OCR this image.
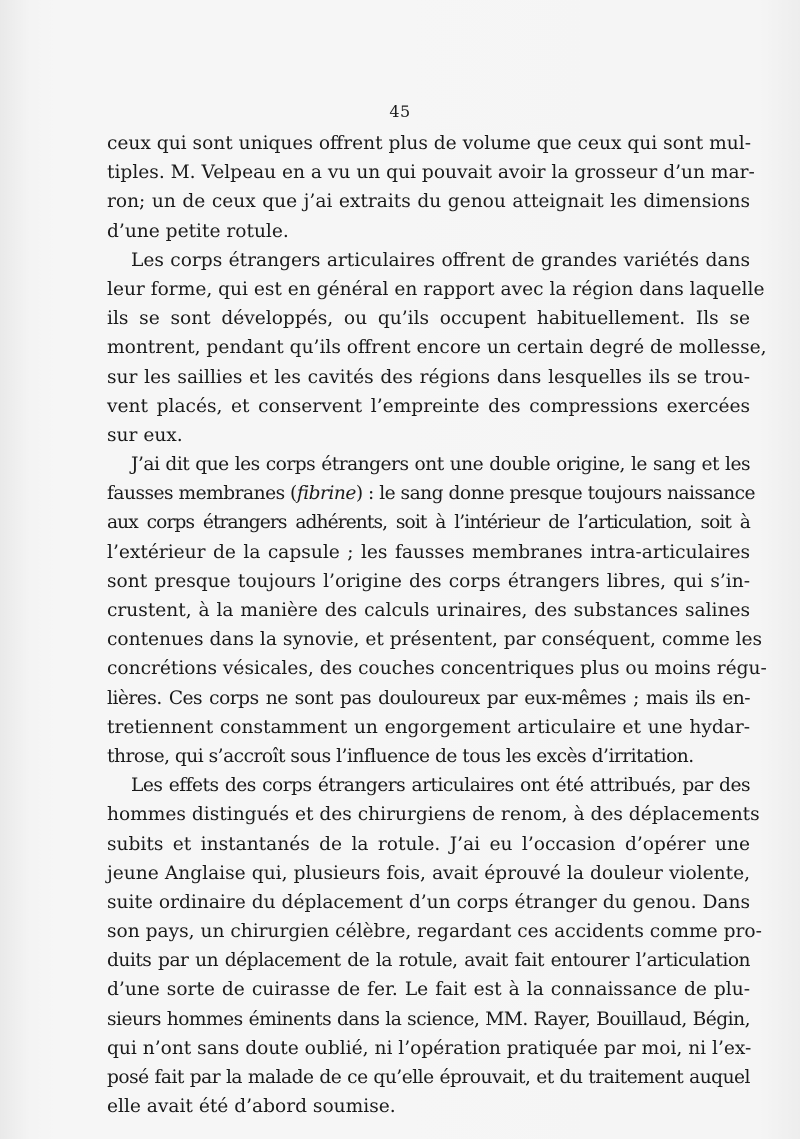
45
ceux qui sont uniques offrent plus de volume que ceux qui sont mul-
tiples. M. Velpeau en a vu un qui pouvait avoir la grosseur d’un mar-
ron; un de ceux que j’ai extraits du genou atteignait les dimensions
d’une petite rotule.
Les corps étrangers articulaires offrent de grandes variétés dans
leur forme, qui est en général en rapport avec la région dans laquelle
ils se sont développés, ou qu’ils occupent habituellement. Ils se
montrent, pendant qu’ils offrent encore un certain degré de mollesse,
sur les saillies et les cavités des régions dans lesquelles ils se trou-
vent placés, et conservent l’empreinte des compressions exercées
sur eux.
J’ai dit que les corps étrangers ont une double origine, le sang et les
fausses membranes (fibrine) : le sang donne presque toujours naissance
aux corps étrangers adhérents, soit à l’intérieur de l’articulation, soit à
l’extérieur de la capsule ; les fausses membranes intra-articulaires
sont presque toujours l’origine des corps étrangers libres, qui s’in-
crustent, à la manière des calculs urinaires, des substances salines
contenues dans la synovie, et présentent, par conséquent, comme les
concrétions vésicales, des couches concentriques plus ou moins régu-
lières. Ces corps ne sont pas douloureux par eux-mêmes ; mais ils en-
tretiennent constamment un engorgement articulaire et une hydar-
throse, qui s’accroît sous l’influence de tous les excès d’irritation.
Les effets des corps étrangers articulaires ont été attribués, par des
hommes distingués et des chirurgiens de renom, à des déplacements
subits et instantanés de la rotule. J’ai eu l’occasion d’opérer une
jeune Anglaise qui, plusieurs fois, avait éprouvé la douleur violente,
suite ordinaire du déplacement d’un corps étranger du genou. Dans
son pays, un chirurgien célèbre, regardant ces accidents comme pro-
duits par un déplacement de la rotule, avait fait entourer l’articulation
d’une sorte de cuirasse de fer. Le fait est à la connaissance de plu-
sieurs hommes éminents dans la science, MM. Rayer, Bouillaud, Bégin,
qui n’ont sans doute oublié, ni l’opération pratiquée par moi, ni l’ex-
posé fait par la malade de ce qu’elle éprouvait, et du traitement auquel
elle avait été d’abord soumise.
